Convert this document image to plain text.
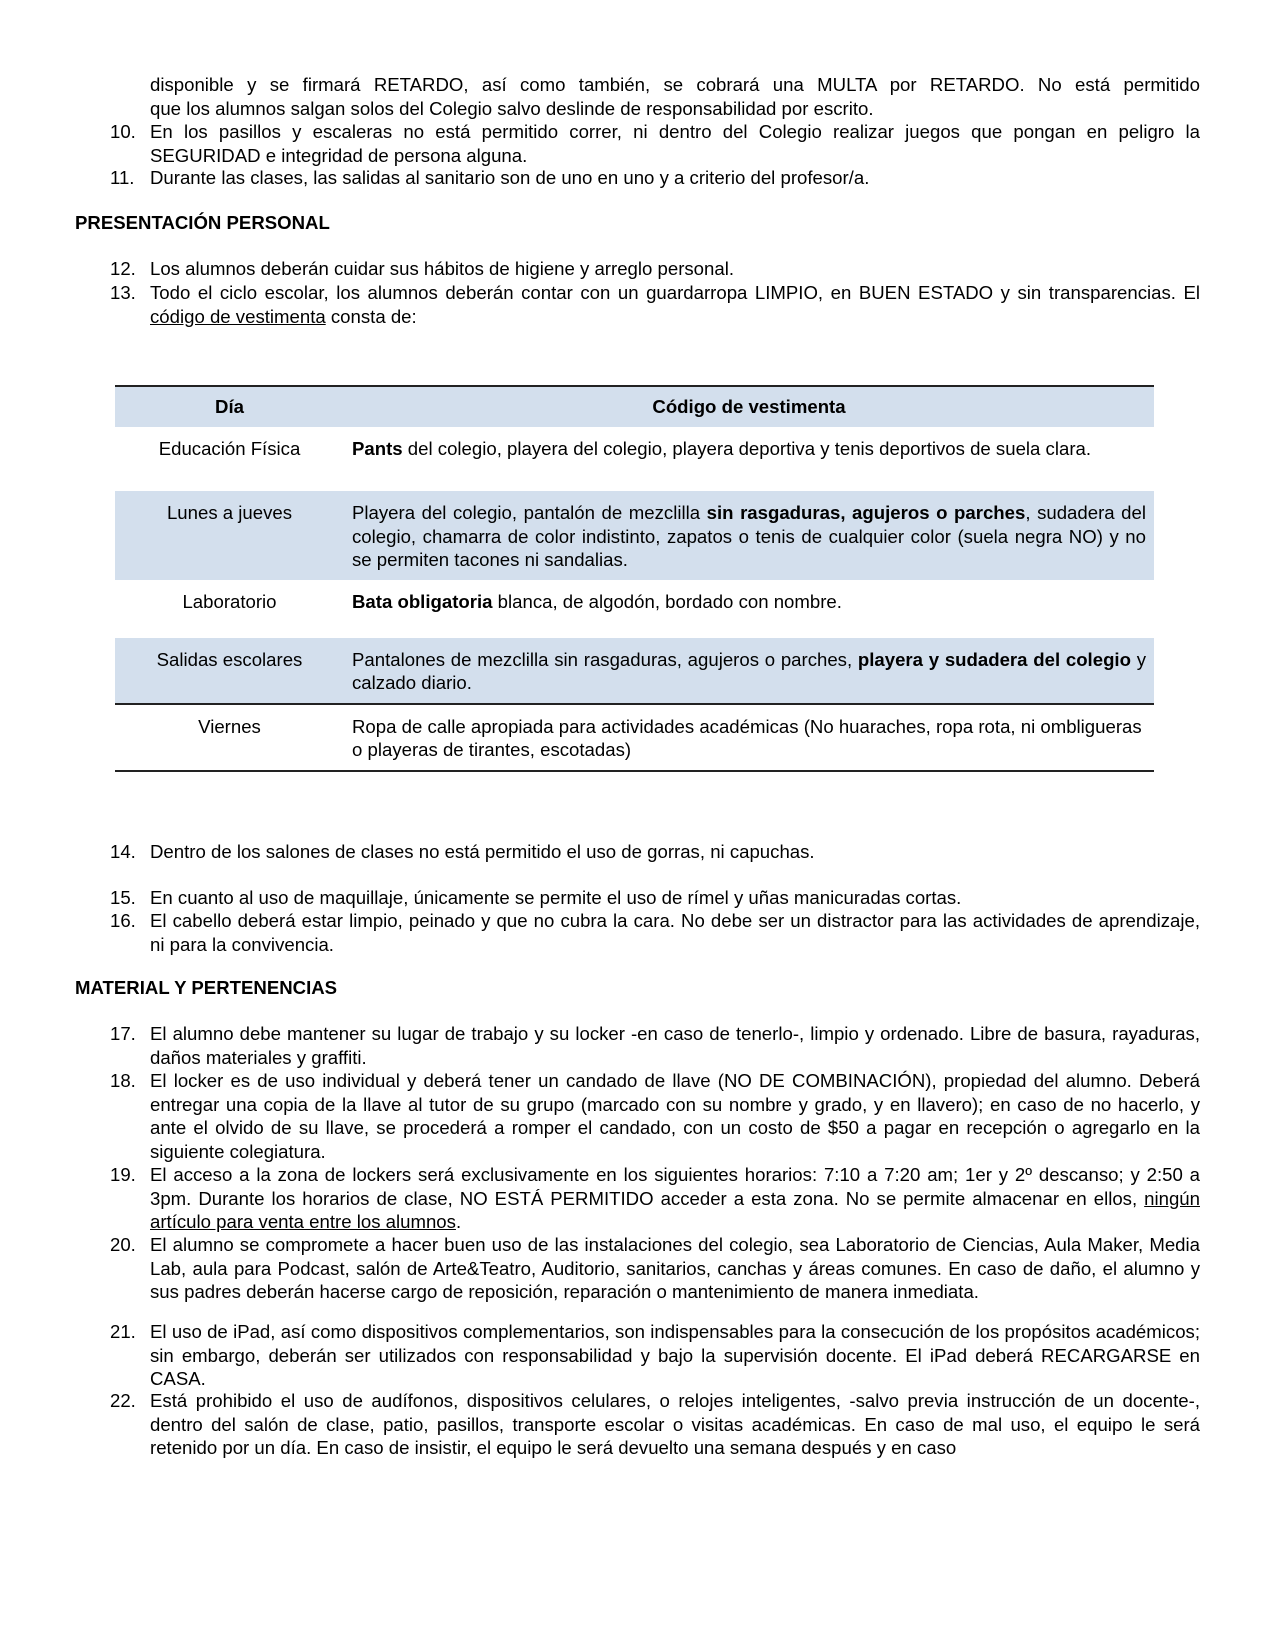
disponible y se firmará RETARDO, así como también, se cobrará una MULTA por RETARDO. No está permitido
que los alumnos salgan solos del Colegio salvo deslinde de responsabilidad por escrito.
10. En los pasillos y escaleras no está permitido correr, ni dentro del Colegio realizar juegos que pongan en peligro la SEGURIDAD e integridad de persona alguna.
11. Durante las clases, las salidas al sanitario son de uno en uno y a criterio del profesor/a.
PRESENTACIÓN PERSONAL
12. Los alumnos deberán cuidar sus hábitos de higiene y arreglo personal.
13. Todo el ciclo escolar, los alumnos deberán contar con un guardarropa LIMPIO, en BUEN ESTADO y sin transparencias. El código de vestimenta consta de:
Día	Código de vestimenta
Educación Física	Pants del colegio, playera del colegio, playera deportiva y tenis deportivos de suela clara.
Lunes a jueves	Playera del colegio, pantalón de mezclilla sin rasgaduras, agujeros o parches, sudadera del colegio, chamarra de color indistinto, zapatos o tenis de cualquier color (suela negra NO) y no se permiten tacones ni sandalias.
Laboratorio	Bata obligatoria blanca, de algodón, bordado con nombre.
Salidas escolares	Pantalones de mezclilla sin rasgaduras, agujeros o parches, playera y sudadera del colegio y calzado diario.
Viernes	Ropa de calle apropiada para actividades académicas (No huaraches, ropa rota, ni ombligueras o playeras de tirantes, escotadas)
14. Dentro de los salones de clases no está permitido el uso de gorras, ni capuchas.
15. En cuanto al uso de maquillaje, únicamente se permite el uso de rímel y uñas manicuradas cortas.
16. El cabello deberá estar limpio, peinado y que no cubra la cara. No debe ser un distractor para las actividades de aprendizaje, ni para la convivencia.
MATERIAL Y PERTENENCIAS
17. El alumno debe mantener su lugar de trabajo y su locker -en caso de tenerlo-, limpio y ordenado. Libre de basura, rayaduras, daños materiales y graffiti.
18. El locker es de uso individual y deberá tener un candado de llave (NO DE COMBINACIÓN), propiedad del alumno. Deberá entregar una copia de la llave al tutor de su grupo (marcado con su nombre y grado, y en llavero); en caso de no hacerlo, y ante el olvido de su llave, se procederá a romper el candado, con un costo de $50 a pagar en recepción o agregarlo en la siguiente colegiatura.
19. El acceso a la zona de lockers será exclusivamente en los siguientes horarios: 7:10 a 7:20 am; 1er y 2º descanso; y 2:50 a 3pm. Durante los horarios de clase, NO ESTÁ PERMITIDO acceder a esta zona. No se permite almacenar en ellos, ningún artículo para venta entre los alumnos.
20. El alumno se compromete a hacer buen uso de las instalaciones del colegio, sea Laboratorio de Ciencias, Aula Maker, Media Lab, aula para Podcast, salón de Arte&Teatro, Auditorio, sanitarios, canchas y áreas comunes. En caso de daño, el alumno y sus padres deberán hacerse cargo de reposición, reparación o mantenimiento de manera inmediata.
21. El uso de iPad, así como dispositivos complementarios, son indispensables para la consecución de los propósitos académicos; sin embargo, deberán ser utilizados con responsabilidad y bajo la supervisión docente. El iPad deberá RECARGARSE en CASA.
22. Está prohibido el uso de audífonos, dispositivos celulares, o relojes inteligentes, -salvo previa instrucción de un docente-, dentro del salón de clase, patio, pasillos, transporte escolar o visitas académicas. En caso de mal uso, el equipo le será retenido por un día. En caso de insistir, el equipo le será devuelto una semana después y en caso
